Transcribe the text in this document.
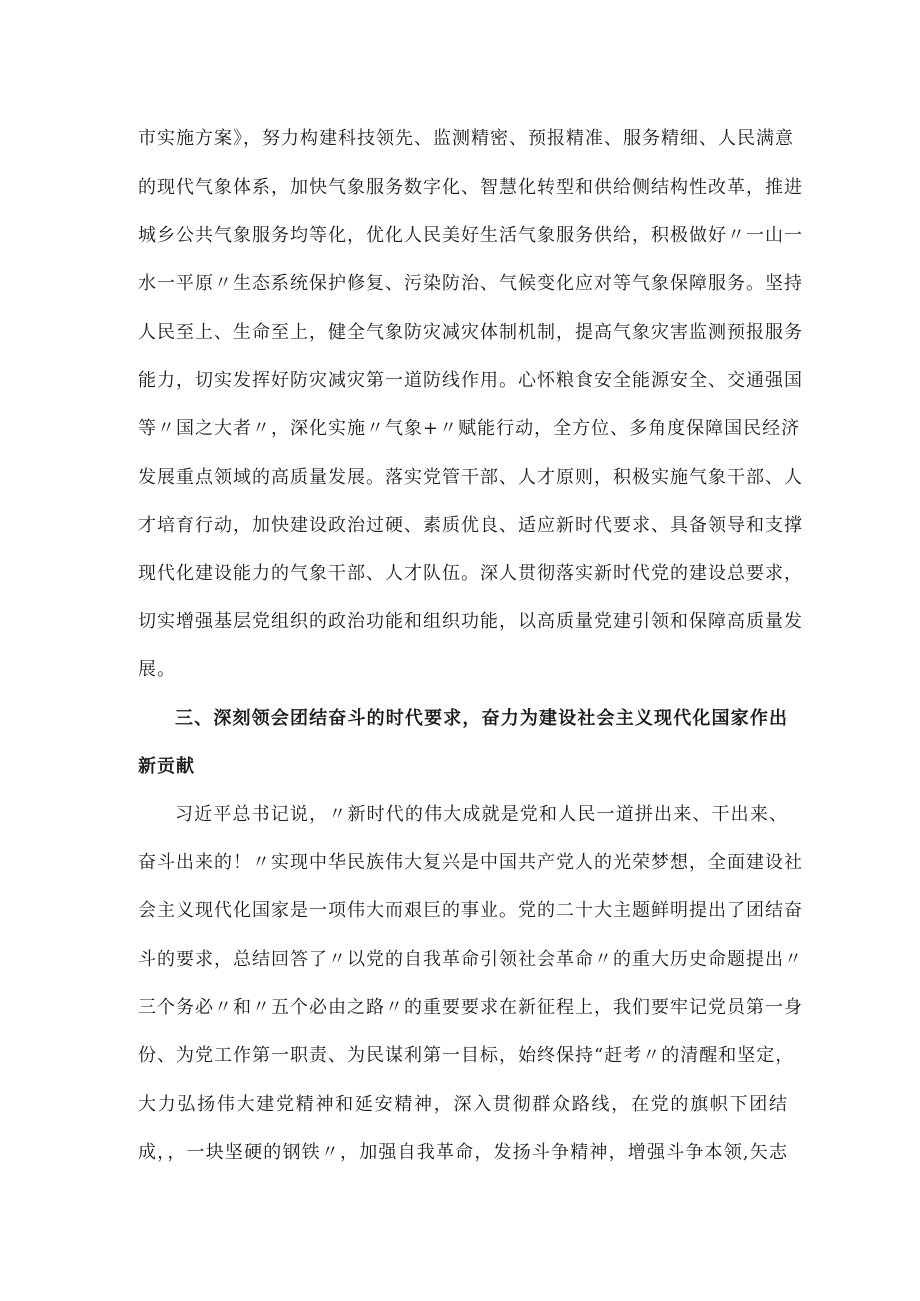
市实施方案》，努力构建科技领先、监测精密、预报精准、服务精细、人民满意
的现代气象体系，加快气象服务数字化、智慧化转型和供给侧结构性改革，推进
城乡公共气象服务均等化，优化人民美好生活气象服务供给，积极做好〃一山一
水一平原〃生态系统保护修复、污染防治、气候变化应对等气象保障服务。坚持
人民至上、生命至上，健全气象防灾减灾体制机制，提高气象灾害监测预报服务
能力，切实发挥好防灾减灾第一道防线作用。心怀粮食安全能源安全、交通强国
等〃国之大者〃，深化实施〃气象+〃赋能行动，全方位、多角度保障国民经济
发展重点领域的高质量发展。落实党管干部、人才原则，积极实施气象干部、人
才培育行动，加快建设政治过硬、素质优良、适应新时代要求、具备领导和支撑
现代化建设能力的气象干部、人才队伍。深人贯彻落实新时代党的建设总要求，
切实增强基层党组织的政治功能和组织功能，以高质量党建引领和保障高质量发
展。
三、深刻领会团结奋斗的时代要求，奋力为建设社会主义现代化国家作出
新贡献
习近平总书记说，〃新时代的伟大成就是党和人民一道拼出来、干出来、
奋斗出来的！〃实现中华民族伟大复兴是中国共产党人的光荣梦想，全面建设社
会主义现代化国家是一项伟大而艰巨的事业。党的二十大主题鲜明提出了团结奋
斗的要求，总结回答了〃以党的自我革命引领社会革命〃的重大历史命题提出〃
三个务必〃和〃五个必由之路〃的重要要求在新征程上，我们要牢记党员第一身
份、为党工作第一职责、为民谋利第一目标，始终保持“赶考〃的清醒和坚定，
大力弘扬伟大建党精神和延安精神，深入贯彻群众路线，在党的旗帜下团结
成，，一块坚硬的钢铁〃，加强自我革命，发扬斗争精神，增强斗争本领,矢志
